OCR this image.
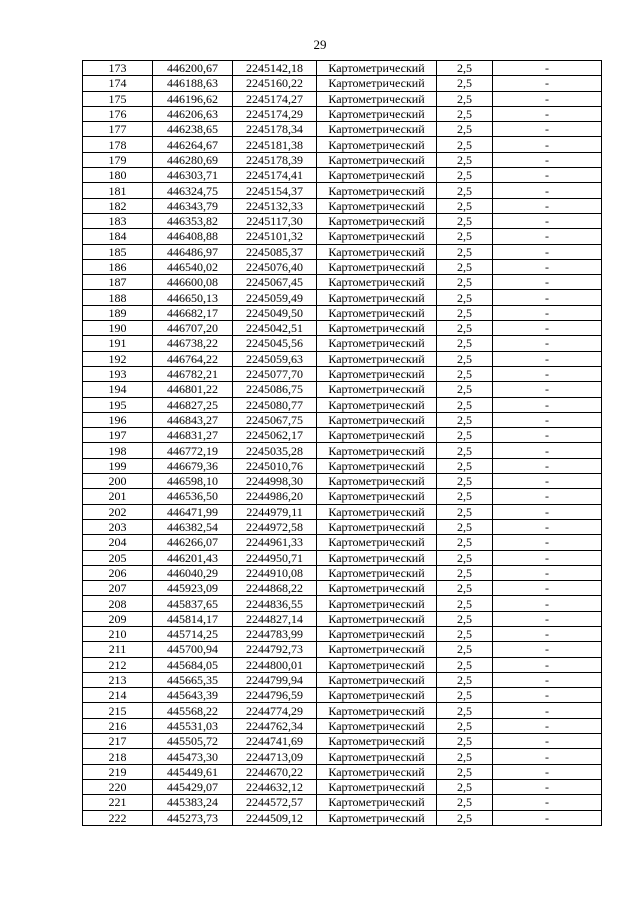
29
173	446200,67	2245142,18	Картометрический	2,5	-
174	446188,63	2245160,22	Картометрический	2,5	-
175	446196,62	2245174,27	Картометрический	2,5	-
176	446206,63	2245174,29	Картометрический	2,5	-
177	446238,65	2245178,34	Картометрический	2,5	-
178	446264,67	2245181,38	Картометрический	2,5	-
179	446280,69	2245178,39	Картометрический	2,5	-
180	446303,71	2245174,41	Картометрический	2,5	-
181	446324,75	2245154,37	Картометрический	2,5	-
182	446343,79	2245132,33	Картометрический	2,5	-
183	446353,82	2245117,30	Картометрический	2,5	-
184	446408,88	2245101,32	Картометрический	2,5	-
185	446486,97	2245085,37	Картометрический	2,5	-
186	446540,02	2245076,40	Картометрический	2,5	-
187	446600,08	2245067,45	Картометрический	2,5	-
188	446650,13	2245059,49	Картометрический	2,5	-
189	446682,17	2245049,50	Картометрический	2,5	-
190	446707,20	2245042,51	Картометрический	2,5	-
191	446738,22	2245045,56	Картометрический	2,5	-
192	446764,22	2245059,63	Картометрический	2,5	-
193	446782,21	2245077,70	Картометрический	2,5	-
194	446801,22	2245086,75	Картометрический	2,5	-
195	446827,25	2245080,77	Картометрический	2,5	-
196	446843,27	2245067,75	Картометрический	2,5	-
197	446831,27	2245062,17	Картометрический	2,5	-
198	446772,19	2245035,28	Картометрический	2,5	-
199	446679,36	2245010,76	Картометрический	2,5	-
200	446598,10	2244998,30	Картометрический	2,5	-
201	446536,50	2244986,20	Картометрический	2,5	-
202	446471,99	2244979,11	Картометрический	2,5	-
203	446382,54	2244972,58	Картометрический	2,5	-
204	446266,07	2244961,33	Картометрический	2,5	-
205	446201,43	2244950,71	Картометрический	2,5	-
206	446040,29	2244910,08	Картометрический	2,5	-
207	445923,09	2244868,22	Картометрический	2,5	-
208	445837,65	2244836,55	Картометрический	2,5	-
209	445814,17	2244827,14	Картометрический	2,5	-
210	445714,25	2244783,99	Картометрический	2,5	-
211	445700,94	2244792,73	Картометрический	2,5	-
212	445684,05	2244800,01	Картометрический	2,5	-
213	445665,35	2244799,94	Картометрический	2,5	-
214	445643,39	2244796,59	Картометрический	2,5	-
215	445568,22	2244774,29	Картометрический	2,5	-
216	445531,03	2244762,34	Картометрический	2,5	-
217	445505,72	2244741,69	Картометрический	2,5	-
218	445473,30	2244713,09	Картометрический	2,5	-
219	445449,61	2244670,22	Картометрический	2,5	-
220	445429,07	2244632,12	Картометрический	2,5	-
221	445383,24	2244572,57	Картометрический	2,5	-
222	445273,73	2244509,12	Картометрический	2,5	-
